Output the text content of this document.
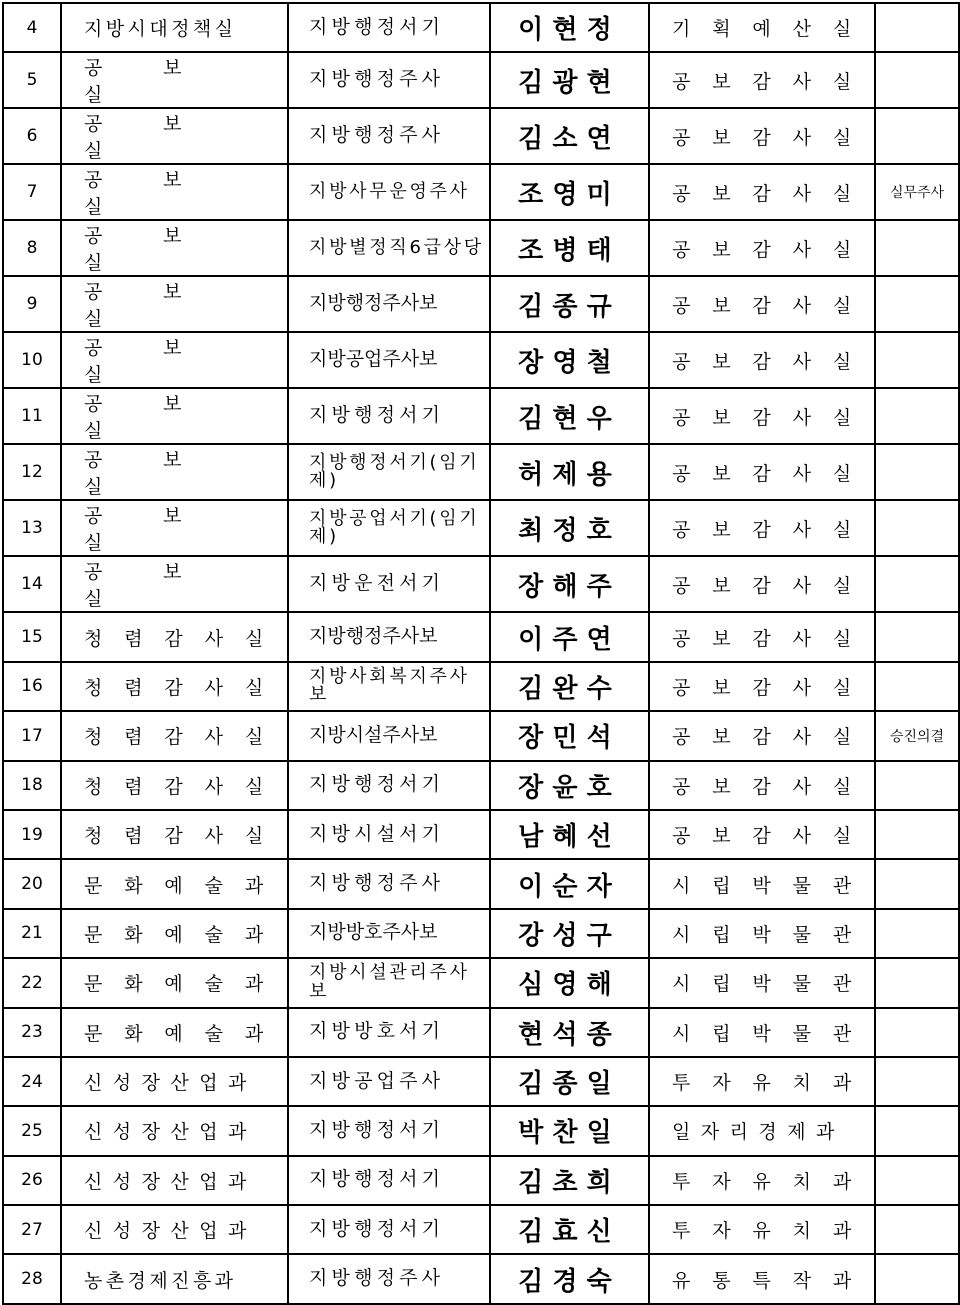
4	지방시대정책실	지방행정서기	이현정	기획예산실	
5	공보실	지방행정주사	김광현	공보감사실	
6	공보실	지방행정주사	김소연	공보감사실	
7	공보실	지방사무운영주사	조영미	공보감사실	실무주사
8	공보실	지방별정직6급상당	조병태	공보감사실	
9	공보실	지방행정주사보	김종규	공보감사실	
10	공보실	지방공업주사보	장영철	공보감사실	
11	공보실	지방행정서기	김현우	공보감사실	
12	공보실	지방행정서기(임기제)	허제용	공보감사실	
13	공보실	지방공업서기(임기제)	최정호	공보감사실	
14	공보실	지방운전서기	장해주	공보감사실	
15	청렴감사실	지방행정주사보	이주연	공보감사실	
16	청렴감사실	지방사회복지주사보	김완수	공보감사실	
17	청렴감사실	지방시설주사보	장민석	공보감사실	승진의결
18	청렴감사실	지방행정서기	장윤호	공보감사실	
19	청렴감사실	지방시설서기	남혜선	공보감사실	
20	문화예술과	지방행정주사	이순자	시립박물관	
21	문화예술과	지방방호주사보	강성구	시립박물관	
22	문화예술과	지방시설관리주사보	심영해	시립박물관	
23	문화예술과	지방방호서기	현석종	시립박물관	
24	신성장산업과	지방공업주사	김종일	투자유치과	
25	신성장산업과	지방행정서기	박찬일	일자리경제과	
26	신성장산업과	지방행정서기	김초희	투자유치과	
27	신성장산업과	지방행정서기	김효신	투자유치과	
28	농촌경제진흥과	지방행정주사	김경숙	유통특작과	
